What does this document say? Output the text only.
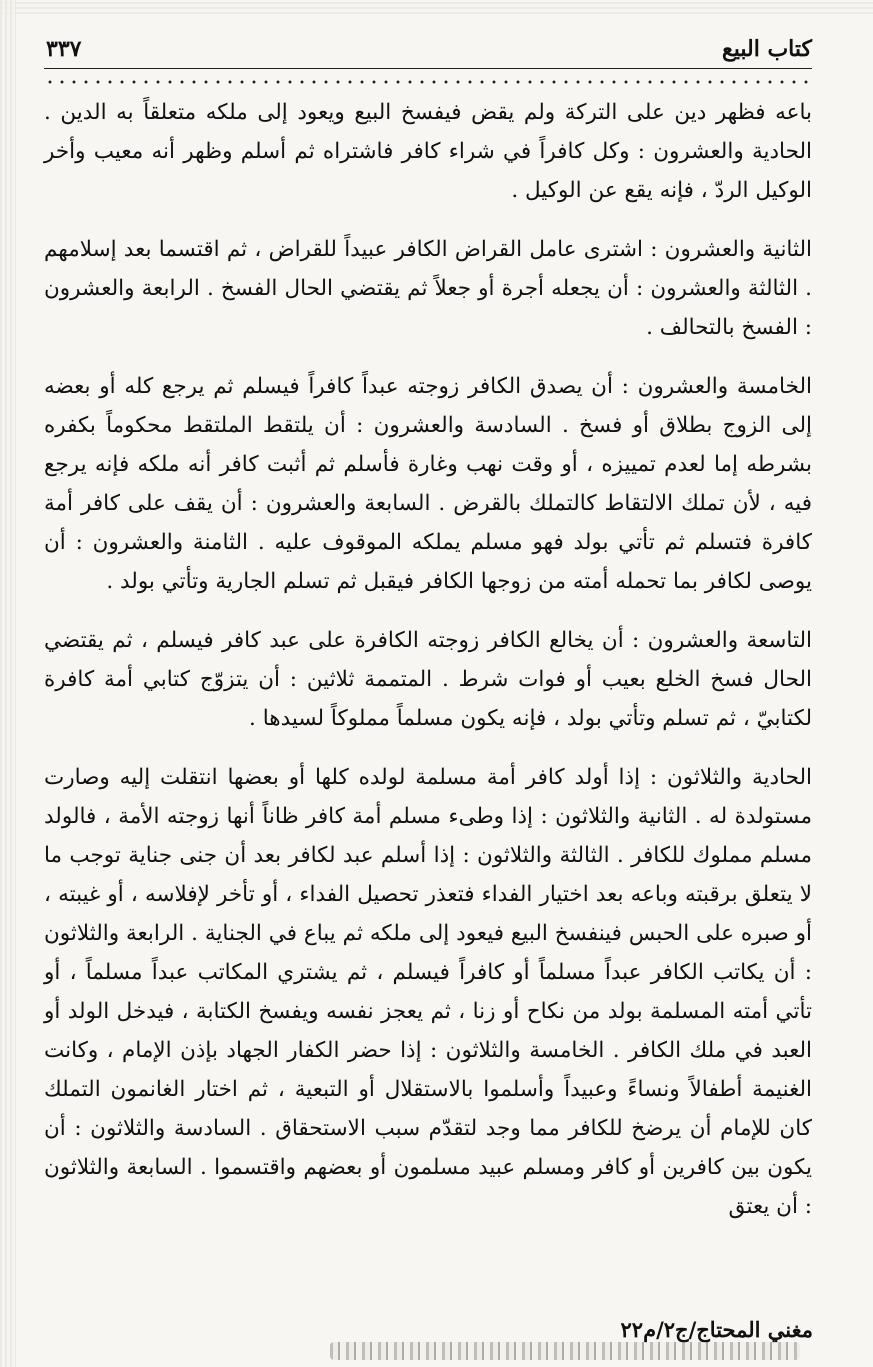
كتاب البيع
٣٣٧

باعه فظهر دين على التركة ولم يقض فيفسخ البيع ويعود إلى ملكه متعلقاً به الدين . الحادية والعشرون : وكل كافراً في شراء كافر فاشتراه ثم أسلم وظهر أنه معيب وأخر الوكيل الردّ ، فإنه يقع عن الوكيل .

الثانية والعشرون : اشترى عامل القراض الكافر عبيداً للقراض ، ثم اقتسما بعد إسلامهم . الثالثة والعشرون : أن يجعله أجرة أو جعلاً ثم يقتضي الحال الفسخ . الرابعة والعشرون : الفسخ بالتحالف .

الخامسة والعشرون : أن يصدق الكافر زوجته عبداً كافراً فيسلم ثم يرجع كله أو بعضه إلى الزوج بطلاق أو فسخ . السادسة والعشرون : أن يلتقط الملتقط محكوماً بكفره بشرطه إما لعدم تمييزه ، أو وقت نهب وغارة فأسلم ثم أثبت كافر أنه ملكه فإنه يرجع فيه ، لأن تملك الالتقاط كالتملك بالقرض . السابعة والعشرون : أن يقف على كافر أمة كافرة فتسلم ثم تأتي بولد فهو مسلم يملكه الموقوف عليه . الثامنة والعشرون : أن يوصى لكافر بما تحمله أمته من زوجها الكافر فيقبل ثم تسلم الجارية وتأتي بولد .

التاسعة والعشرون : أن يخالع الكافر زوجته الكافرة على عبد كافر فيسلم ، ثم يقتضي الحال فسخ الخلع بعيب أو فوات شرط . المتممة ثلاثين : أن يتزوّج كتابي أمة كافرة لكتابيّ ، ثم تسلم وتأتي بولد ، فإنه يكون مسلماً مملوكاً لسيدها .

الحادية والثلاثون : إذا أولد كافر أمة مسلمة لولده كلها أو بعضها انتقلت إليه وصارت مستولدة له . الثانية والثلاثون : إذا وطىء مسلم أمة كافر ظاناً أنها زوجته الأمة ، فالولد مسلم مملوك للكافر . الثالثة والثلاثون : إذا أسلم عبد لكافر بعد أن جنى جناية توجب ما لا يتعلق برقبته وباعه بعد اختيار الفداء فتعذر تحصيل الفداء ، أو تأخر لإفلاسه ، أو غيبته ، أو صبره على الحبس فينفسخ البيع فيعود إلى ملكه ثم يباع في الجناية . الرابعة والثلاثون : أن يكاتب الكافر عبداً مسلماً أو كافراً فيسلم ، ثم يشتري المكاتب عبداً مسلماً ، أو تأتي أمته المسلمة بولد من نكاح أو زنا ، ثم يعجز نفسه ويفسخ الكتابة ، فيدخل الولد أو العبد في ملك الكافر . الخامسة والثلاثون : إذا حضر الكفار الجهاد بإذن الإمام ، وكانت الغنيمة أطفالاً ونساءً وعبيداً وأسلموا بالاستقلال أو التبعية ، ثم اختار الغانمون التملك كان للإمام أن يرضخ للكافر مما وجد لتقدّم سبب الاستحقاق . السادسة والثلاثون : أن يكون بين كافرين أو كافر ومسلم عبيد مسلمون أو بعضهم واقتسموا . السابعة والثلاثون : أن يعتق

مغني المحتاج/ج٢/م٢٢
